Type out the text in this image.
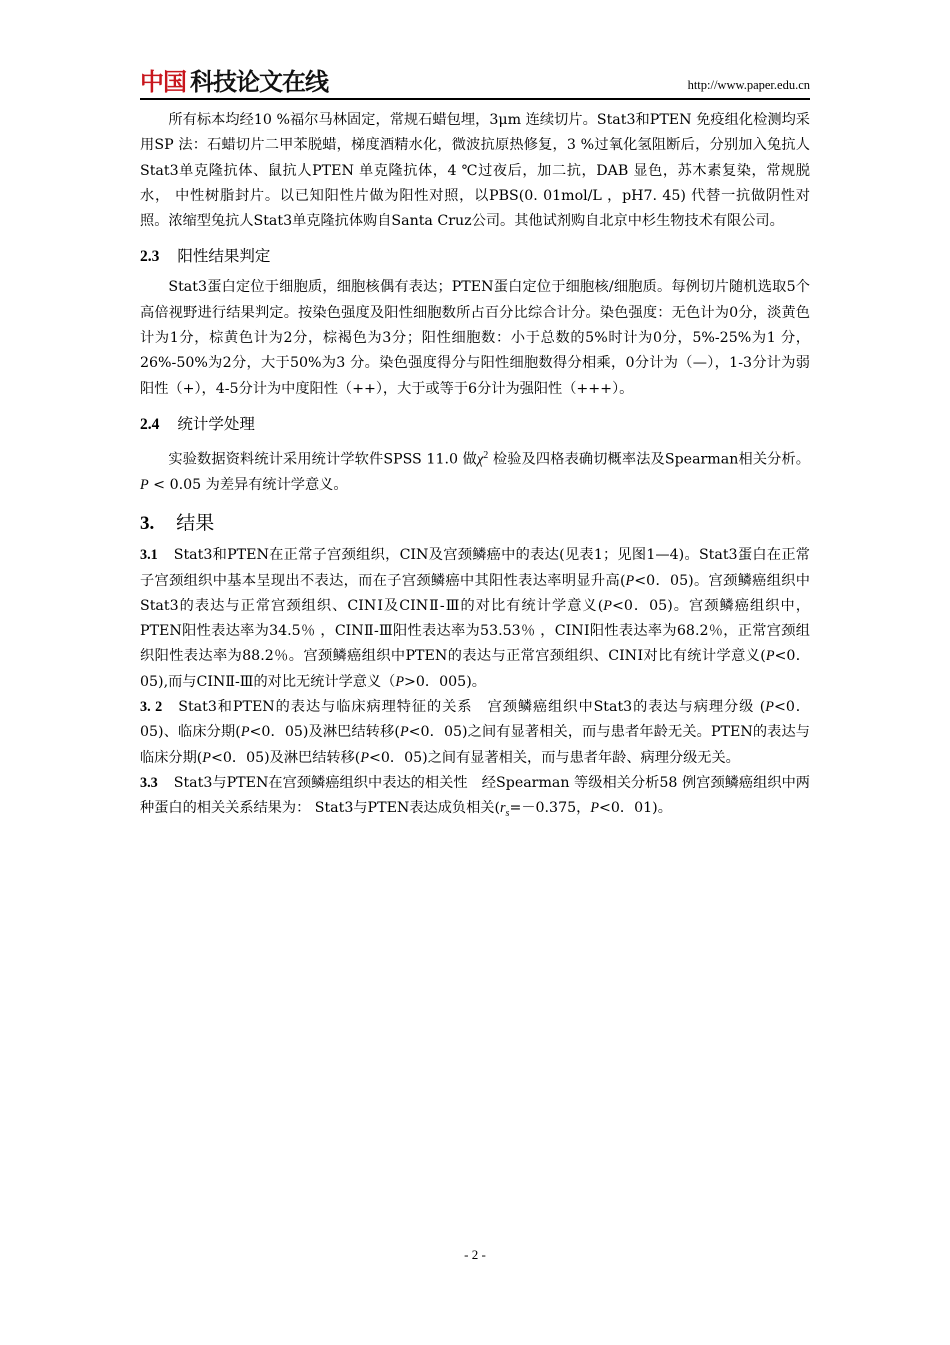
中国 科技论文在线	http://www.paper.edu.cn

所有标本均经10 %福尔马林固定，常规石蜡包埋，3μm 连续切片。Stat3和PTEN 免疫组化检测均采用SP 法：石蜡切片二甲苯脱蜡，梯度酒精水化，微波抗原热修复，3 %过氧化氢阻断后，分别加入兔抗人Stat3单克隆抗体、鼠抗人PTEN 单克隆抗体，4 ℃过夜后，加二抗，DAB 显色，苏木素复染，常规脱水， 中性树脂封片。以已知阳性片做为阳性对照，以PBS(0. 01mol/L ，pH7. 45) 代替一抗做阴性对照。浓缩型兔抗人Stat3单克隆抗体购自Santa Cruz公司。其他试剂购自北京中杉生物技术有限公司。

2.3 阳性结果判定

Stat3蛋白定位于细胞质，细胞核偶有表达；PTEN蛋白定位于细胞核/细胞质。每例切片随机选取5个高倍视野进行结果判定。按染色强度及阳性细胞数所占百分比综合计分。染色强度：无色计为0分，淡黄色计为1分，棕黄色计为2分，棕褐色为3分；阳性细胞数：小于总数的5%时计为0分，5%-25%为1 分，26%-50%为2分，大于50%为3 分。染色强度得分与阳性细胞数得分相乘，0分计为（—），1-3分计为弱阳性（+），4-5分计为中度阳性（++），大于或等于6分计为强阳性（+++）。

2.4 统计学处理

实验数据资料统计采用统计学软件SPSS 11.0 做$\chi^2$ 检验及四格表确切概率法及Spearman相关分析。P < 0.05 为差异有统计学意义。

3. 结果

3.1 Stat3和PTEN在正常子宫颈组织，CIN及宫颈鳞癌中的表达(见表1；见图1—4)。Stat3蛋白在正常子宫颈组织中基本呈现出不表达，而在子宫颈鳞癌中其阳性表达率明显升高(P<0．05)。宫颈鳞癌组织中Stat3的表达与正常宫颈组织、CINⅠ及CINⅡ-Ⅲ的对比有统计学意义(P<0．05)。宫颈鳞癌组织中，PTEN阳性表达率为34.5％ ，CINⅡ-Ⅲ阳性表达率为53.53％ ，CINⅠ阳性表达率为68.2％，正常宫颈组织阳性表达率为88.2％。宫颈鳞癌组织中PTEN的表达与正常宫颈组织、CINⅠ对比有统计学意义(P<0．05),而与CINⅡ-Ⅲ的对比无统计学意义（P>0．005)。

3. 2 Stat3和PTEN的表达与临床病理特征的关系　宫颈鳞癌组织中Stat3的表达与病理分级 (P<0．05)、临床分期(P<0．05)及淋巴结转移(P<0．05)之间有显著相关，而与患者年龄无关。PTEN的表达与临床分期(P<0．05)及淋巴结转移(P<0．05)之间有显著相关，而与患者年龄、病理分级无关。

3.3 Stat3与PTEN在宫颈鳞癌组织中表达的相关性　经Spearman 等级相关分析58 例宫颈鳞癌组织中两种蛋白的相关关系结果为： Stat3与PTEN表达成负相关($r_s=-0.375$，P<0．01)。

- 2 -
